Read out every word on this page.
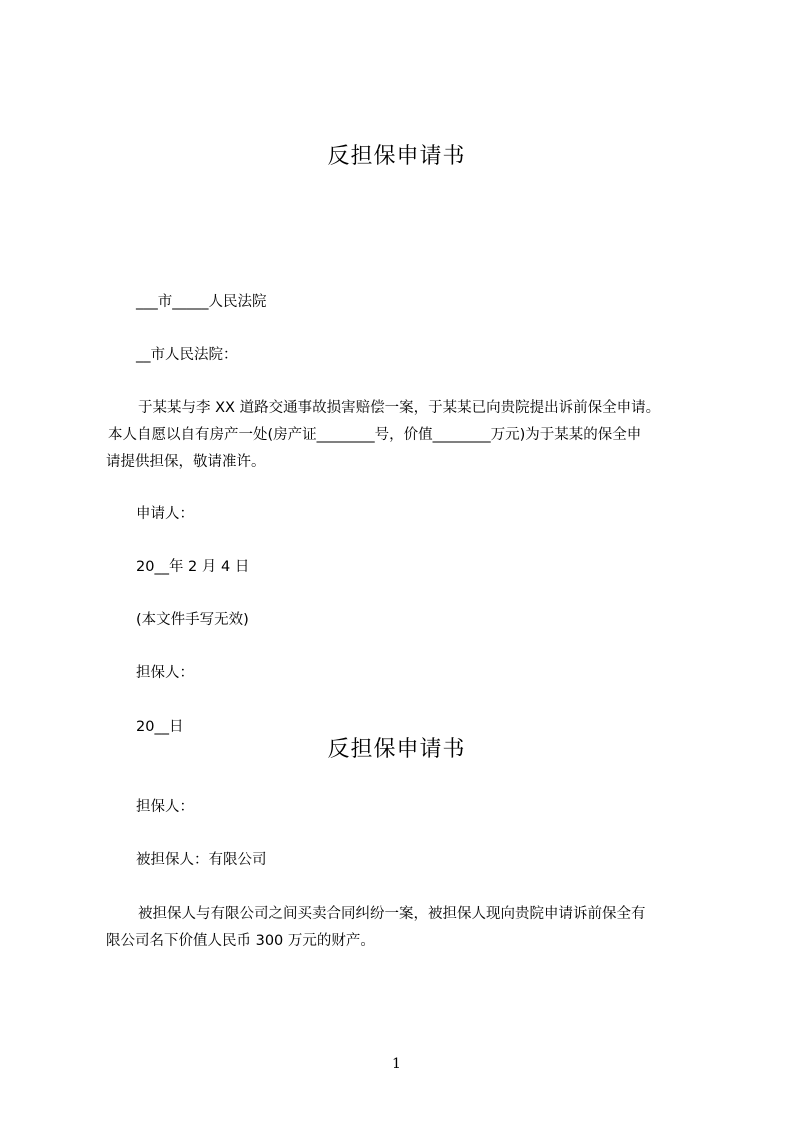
反担保申请书
___市_____人民法院
__市人民法院：
于某某与李 XX 道路交通事故损害赔偿一案，于某某已向贵院提出诉前保全申请。
本人自愿以自有房产一处(房产证________号，价值________万元)为于某某的保全申
请提供担保，敬请准许。
申请人：
20__年 2 月 4 日
(本文件手写无效)
担保人：
20__日
反担保申请书
担保人：
被担保人：有限公司
被担保人与有限公司之间买卖合同纠纷一案，被担保人现向贵院申请诉前保全有
限公司名下价值人民币 300 万元的财产。
1
